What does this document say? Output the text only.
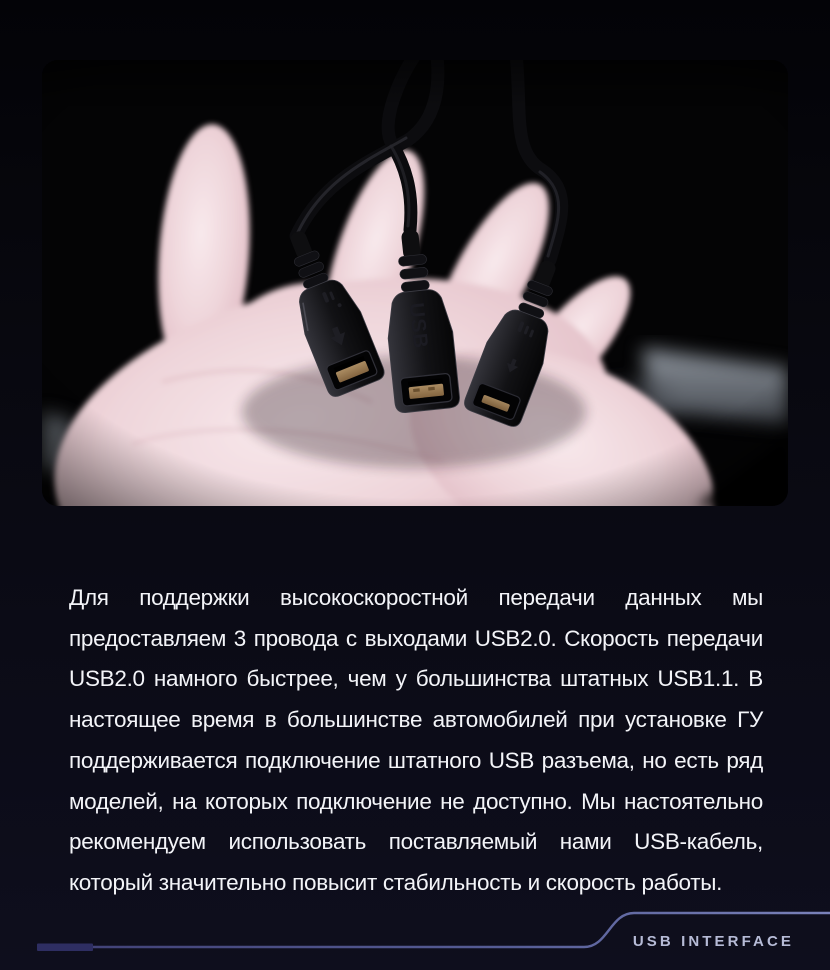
Для поддержки высокоскоростной передачи данных мы предоставляем 3 провода с выходами USB2.0. Скорость передачи USB2.0 намного быстрее, чем у большинства штатных USB1.1. В настоящее время в большинстве автомобилей при установке ГУ поддерживается подключение штатного USB разъема, но есть ряд моделей, на которых подключение не доступно. Мы настоятельно рекомендуем использовать поставляемый нами USB-кабель, который значительно повысит стабильность и скорость работы.

USB INTERFACE
